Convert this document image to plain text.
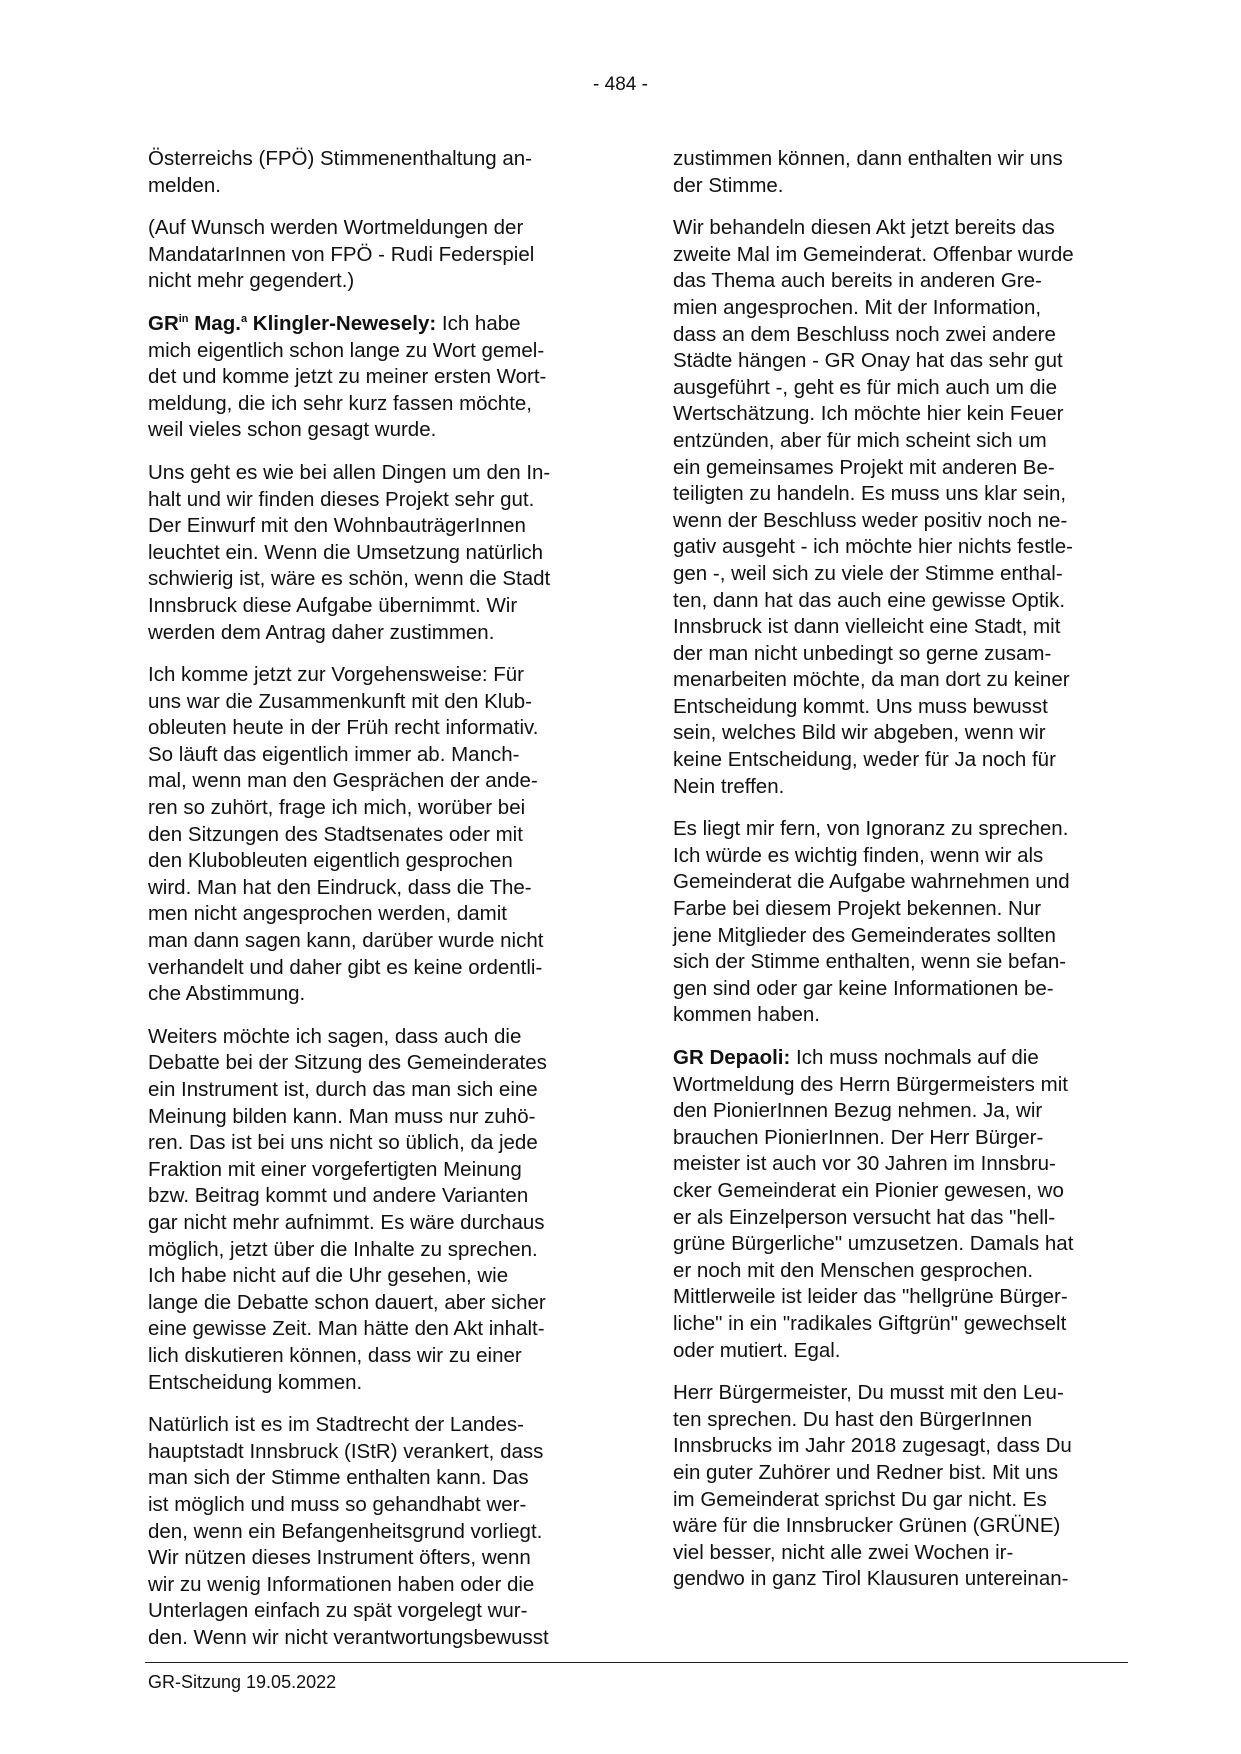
- 484 -

Österreichs (FPÖ) Stimmenenthaltung an-
melden.

(Auf Wunsch werden Wortmeldungen der
MandatarInnen von FPÖ - Rudi Federspiel
nicht mehr gegendert.)

$GR^{in}$ Mag.$^a$ Klingler-Newesely: Ich habe
mich eigentlich schon lange zu Wort gemel-
det und komme jetzt zu meiner ersten Wort-
meldung, die ich sehr kurz fassen möchte,
weil vieles schon gesagt wurde.

Uns geht es wie bei allen Dingen um den In-
halt und wir finden dieses Projekt sehr gut.
Der Einwurf mit den WohnbauträgerInnen
leuchtet ein. Wenn die Umsetzung natürlich
schwierig ist, wäre es schön, wenn die Stadt
Innsbruck diese Aufgabe übernimmt. Wir
werden dem Antrag daher zustimmen.

Ich komme jetzt zur Vorgehensweise: Für
uns war die Zusammenkunft mit den Klub-
obleuten heute in der Früh recht informativ.
So läuft das eigentlich immer ab. Manch-
mal, wenn man den Gesprächen der ande-
ren so zuhört, frage ich mich, worüber bei
den Sitzungen des Stadtsenates oder mit
den Klubobleuten eigentlich gesprochen
wird. Man hat den Eindruck, dass die The-
men nicht angesprochen werden, damit
man dann sagen kann, darüber wurde nicht
verhandelt und daher gibt es keine ordentli-
che Abstimmung.

Weiters möchte ich sagen, dass auch die
Debatte bei der Sitzung des Gemeinderates
ein Instrument ist, durch das man sich eine
Meinung bilden kann. Man muss nur zuhö-
ren. Das ist bei uns nicht so üblich, da jede
Fraktion mit einer vorgefertigten Meinung
bzw. Beitrag kommt und andere Varianten
gar nicht mehr aufnimmt. Es wäre durchaus
möglich, jetzt über die Inhalte zu sprechen.
Ich habe nicht auf die Uhr gesehen, wie
lange die Debatte schon dauert, aber sicher
eine gewisse Zeit. Man hätte den Akt inhalt-
lich diskutieren können, dass wir zu einer
Entscheidung kommen.

Natürlich ist es im Stadtrecht der Landes-
hauptstadt Innsbruck (IStR) verankert, dass
man sich der Stimme enthalten kann. Das
ist möglich und muss so gehandhabt wer-
den, wenn ein Befangenheitsgrund vorliegt.
Wir nützen dieses Instrument öfters, wenn
wir zu wenig Informationen haben oder die
Unterlagen einfach zu spät vorgelegt wur-
den. Wenn wir nicht verantwortungsbewusst

zustimmen können, dann enthalten wir uns
der Stimme.

Wir behandeln diesen Akt jetzt bereits das
zweite Mal im Gemeinderat. Offenbar wurde
das Thema auch bereits in anderen Gre-
mien angesprochen. Mit der Information,
dass an dem Beschluss noch zwei andere
Städte hängen - GR Onay hat das sehr gut
ausgeführt -, geht es für mich auch um die
Wertschätzung. Ich möchte hier kein Feuer
entzünden, aber für mich scheint sich um
ein gemeinsames Projekt mit anderen Be-
teiligten zu handeln. Es muss uns klar sein,
wenn der Beschluss weder positiv noch ne-
gativ ausgeht - ich möchte hier nichts festle-
gen -, weil sich zu viele der Stimme enthal-
ten, dann hat das auch eine gewisse Optik.
Innsbruck ist dann vielleicht eine Stadt, mit
der man nicht unbedingt so gerne zusam-
menarbeiten möchte, da man dort zu keiner
Entscheidung kommt. Uns muss bewusst
sein, welches Bild wir abgeben, wenn wir
keine Entscheidung, weder für Ja noch für
Nein treffen.

Es liegt mir fern, von Ignoranz zu sprechen.
Ich würde es wichtig finden, wenn wir als
Gemeinderat die Aufgabe wahrnehmen und
Farbe bei diesem Projekt bekennen. Nur
jene Mitglieder des Gemeinderates sollten
sich der Stimme enthalten, wenn sie befan-
gen sind oder gar keine Informationen be-
kommen haben.

GR Depaoli: Ich muss nochmals auf die
Wortmeldung des Herrn Bürgermeisters mit
den PionierInnen Bezug nehmen. Ja, wir
brauchen PionierInnen. Der Herr Bürger-
meister ist auch vor 30 Jahren im Innsbru-
cker Gemeinderat ein Pionier gewesen, wo
er als Einzelperson versucht hat das "hell-
grüne Bürgerliche" umzusetzen. Damals hat
er noch mit den Menschen gesprochen.
Mittlerweile ist leider das "hellgrüne Bürger-
liche" in ein "radikales Giftgrün" gewechselt
oder mutiert. Egal.

Herr Bürgermeister, Du musst mit den Leu-
ten sprechen. Du hast den BürgerInnen
Innsbrucks im Jahr 2018 zugesagt, dass Du
ein guter Zuhörer und Redner bist. Mit uns
im Gemeinderat sprichst Du gar nicht. Es
wäre für die Innsbrucker Grünen (GRÜNE)
viel besser, nicht alle zwei Wochen ir-
gendwo in ganz Tirol Klausuren untereinan-

GR-Sitzung 19.05.2022
